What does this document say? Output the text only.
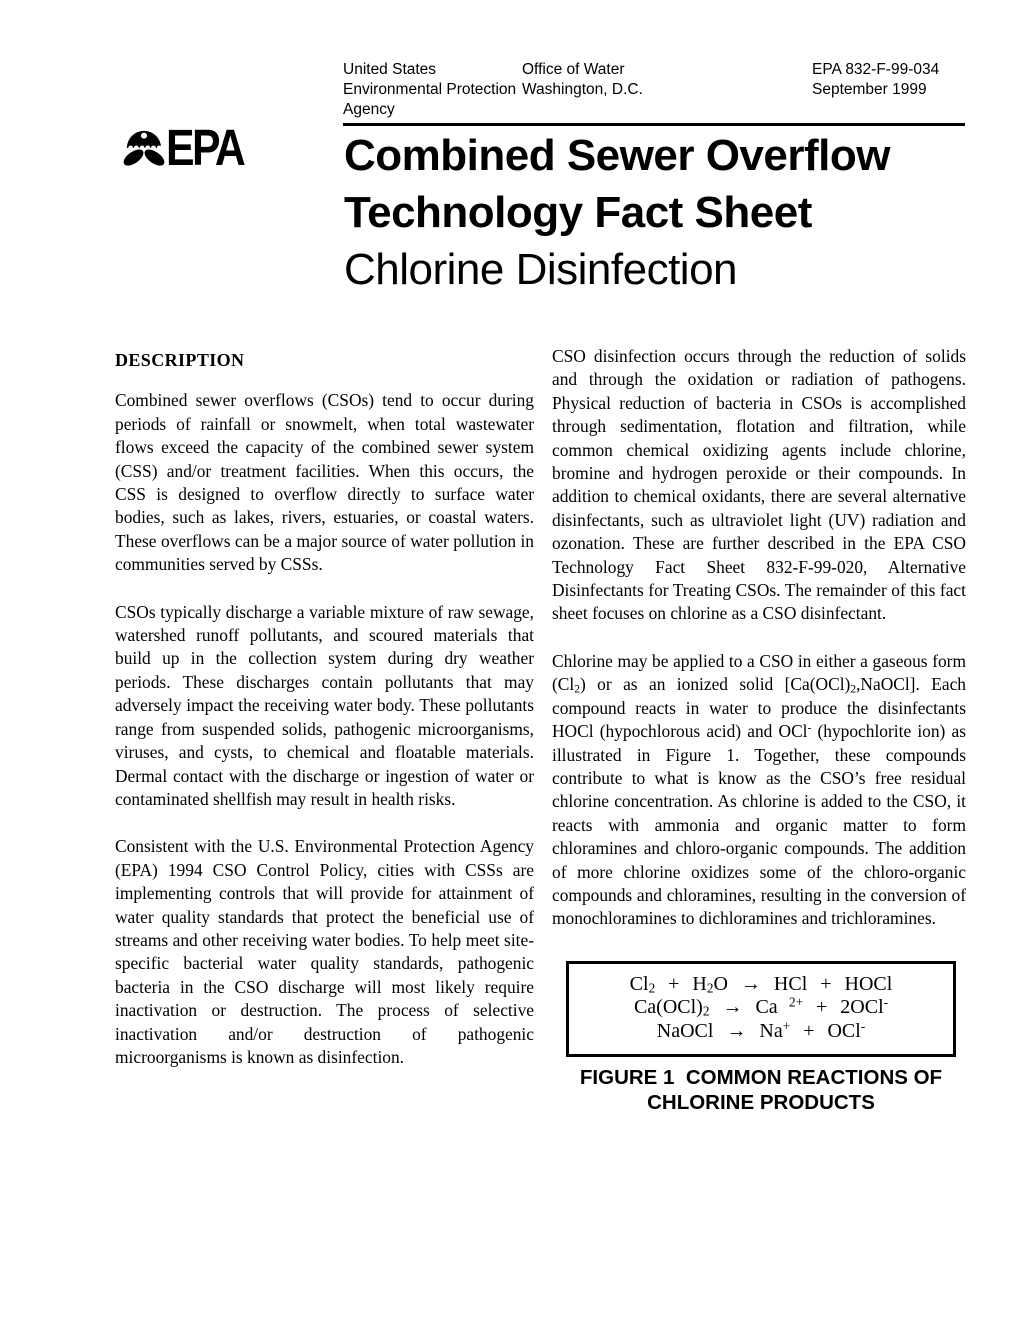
United States
Environmental Protection
Agency
Office of Water
Washington, D.C.
EPA 832-F-99-034
September 1999
EPA Combined Sewer Overflow
Technology Fact Sheet
Chlorine Disinfection
DESCRIPTION

Combined sewer overflows (CSOs) tend to occur during periods of rainfall or snowmelt, when total wastewater flows exceed the capacity of the combined sewer system (CSS) and/or treatment facilities. When this occurs, the CSS is designed to overflow directly to surface water bodies, such as lakes, rivers, estuaries, or coastal waters. These overflows can be a major source of water pollution in communities served by CSSs.

CSOs typically discharge a variable mixture of raw sewage, watershed runoff pollutants, and scoured materials that build up in the collection system during dry weather periods. These discharges contain pollutants that may adversely impact the receiving water body. These pollutants range from suspended solids, pathogenic microorganisms, viruses, and cysts, to chemical and floatable materials. Dermal contact with the discharge or ingestion of water or contaminated shellfish may result in health risks.

Consistent with the U.S. Environmental Protection Agency (EPA) 1994 CSO Control Policy, cities with CSSs are implementing controls that will provide for attainment of water quality standards that protect the beneficial use of streams and other receiving water bodies. To help meet site-specific bacterial water quality standards, pathogenic bacteria in the CSO discharge will most likely require inactivation or destruction. The process of selective inactivation and/or destruction of pathogenic microorganisms is known as disinfection.

CSO disinfection occurs through the reduction of solids and through the oxidation or radiation of pathogens. Physical reduction of bacteria in CSOs is accomplished through sedimentation, flotation and filtration, while common chemical oxidizing agents include chlorine, bromine and hydrogen peroxide or their compounds. In addition to chemical oxidants, there are several alternative disinfectants, such as ultraviolet light (UV) radiation and ozonation. These are further described in the EPA CSO Technology Fact Sheet 832-F-99-020, Alternative Disinfectants for Treating CSOs. The remainder of this fact sheet focuses on chlorine as a CSO disinfectant.

Chlorine may be applied to a CSO in either a gaseous form $(Cl_2)$ or as an ionized solid $[Ca(OCl)_2,NaOCl]$. Each compound reacts in water to produce the disinfectants HOCl (hypochlorous acid) and OCl- (hypochlorite ion) as illustrated in Figure 1. Together, these compounds contribute to what is know as the CSO’s free residual chlorine concentration. As chlorine is added to the CSO, it reacts with ammonia and organic matter to form chloramines and chloro-organic compounds. The addition of more chlorine oxidizes some of the chloro-organic compounds and chloramines, resulting in the conversion of monochloramines to dichloramines and trichloramines.

$Cl_2 + H_2O$ → HCl + HOCl
$Ca(OCl)_2 \to Ca$ $^{2+}$ + 2OCl-
NaOCl → Na+ + OCl-
FIGURE 1  COMMON REACTIONS OF
CHLORINE PRODUCTS
